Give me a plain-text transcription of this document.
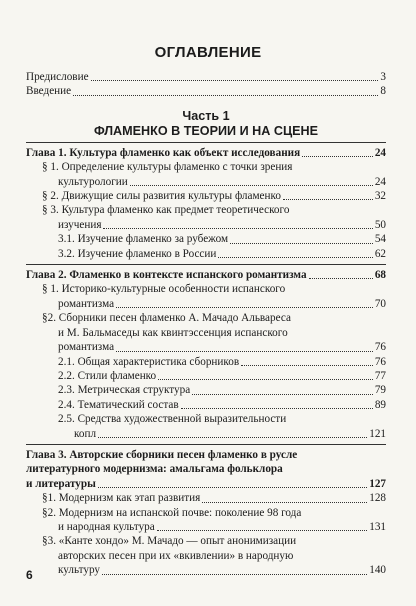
ОГЛАВЛЕНИЕ
Предисловие	3
Введение	8
Часть 1
ФЛАМЕНКО В ТЕОРИИ И НА СЦЕНЕ
Глава 1. Культура фламенко как объект исследования	24
§ 1. Определение культуры фламенко с точки зрения
культурологии	24
§ 2. Движущие силы развития культуры фламенко	32
§ 3. Культура фламенко как предмет теоретического
изучения	50
3.1. Изучение фламенко за рубежом	54
3.2. Изучение фламенко в России	62
Глава 2. Фламенко в контексте испанского романтизма	68
§ 1. Историко-культурные особенности испанского
романтизма	70
§2. Сборники песен фламенко А. Мачадо Альвареса
и М. Бальмаседы как квинтэссенция испанского
романтизма	76
2.1. Общая характеристика сборников	76
2.2. Стили фламенко	77
2.3. Метрическая структура	79
2.4. Тематический состав	89
2.5. Средства художественной выразительности
копл	121
Глава 3. Авторские сборники песен фламенко в русле
литературного модернизма: амальгама фольклора
и литературы	127
§1. Модернизм как этап развития	128
§2. Модернизм на испанской почве: поколение 98 года
и народная культура	131
§3. «Канте хондо» М. Мачадо — опыт анонимизации
авторских песен при их «вкивлении» в народную
культуру	140
6
